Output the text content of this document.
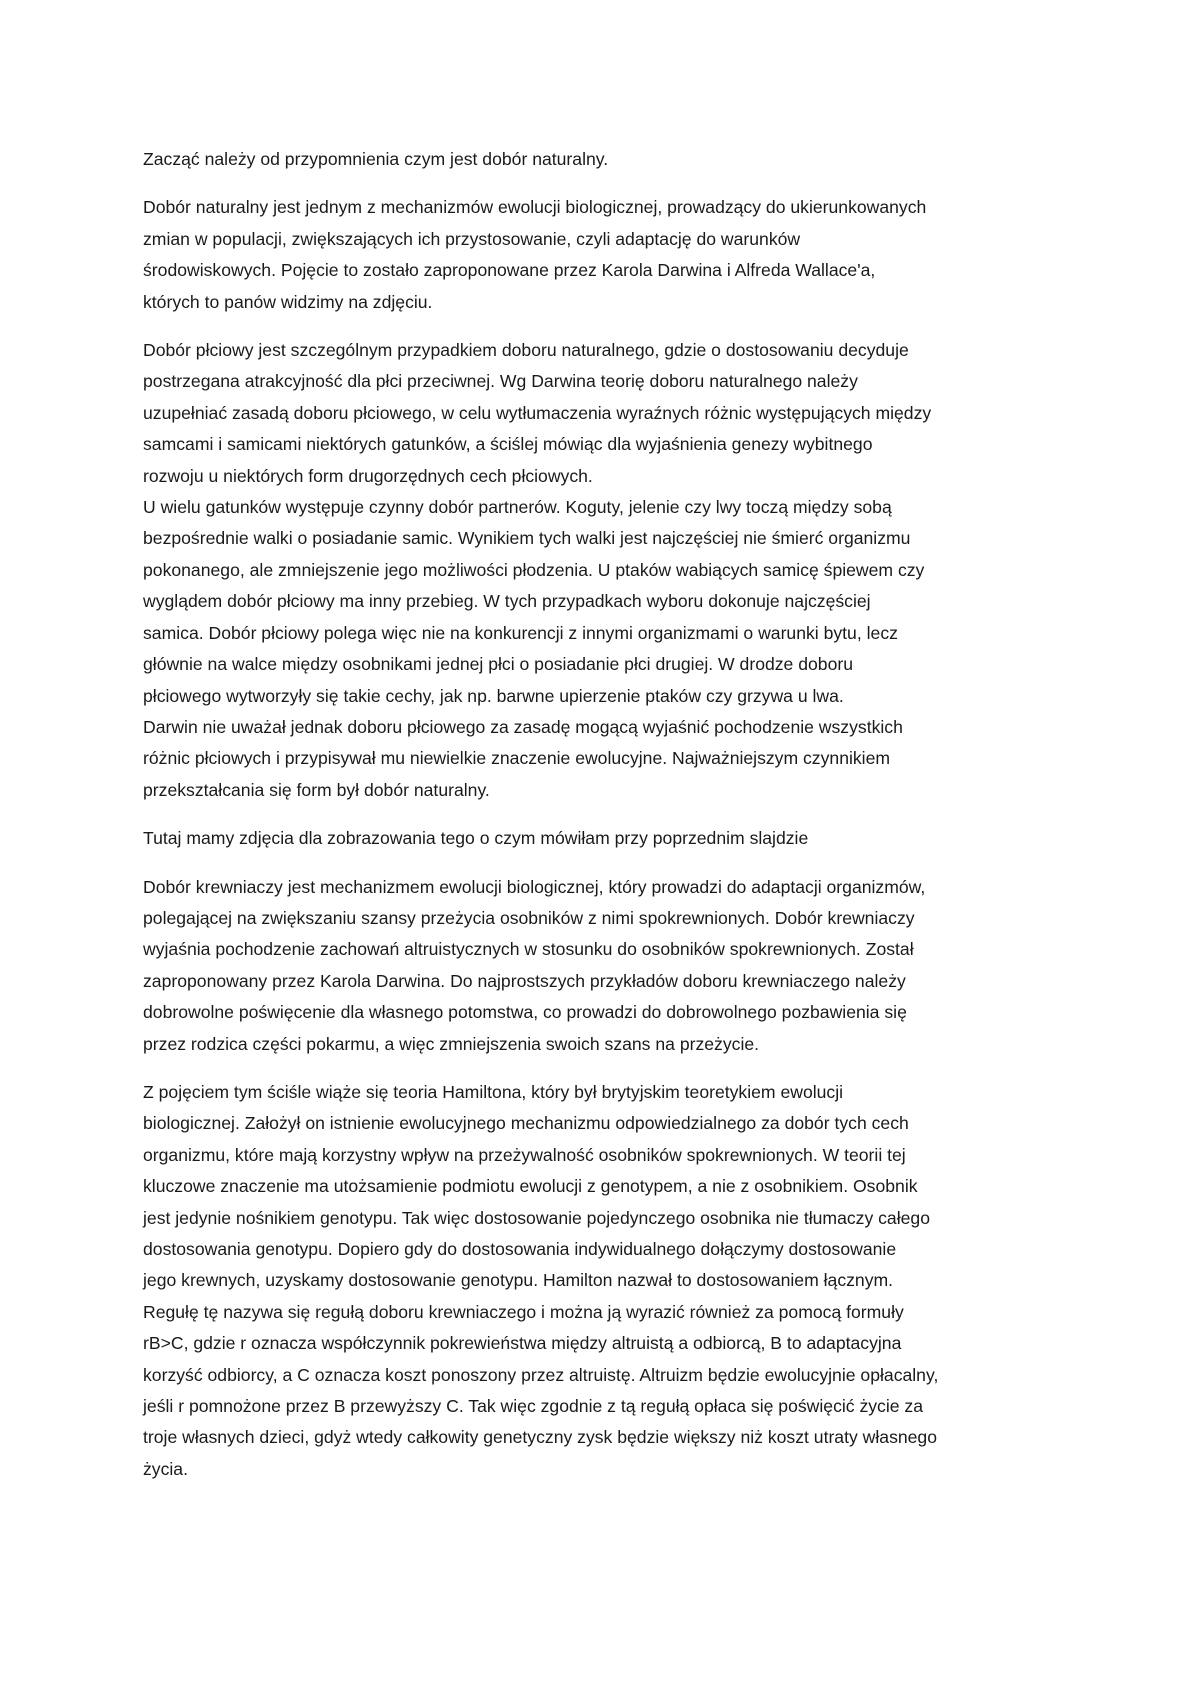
Zacząć należy od przypomnienia czym jest dobór naturalny.

Dobór naturalny jest jednym z mechanizmów ewolucji biologicznej, prowadzący do ukierunkowanych
zmian w populacji, zwiększających ich przystosowanie, czyli adaptację do warunków
środowiskowych. Pojęcie to zostało zaproponowane przez Karola Darwina i Alfreda Wallace'a,
których to panów widzimy na zdjęciu.

Dobór płciowy jest szczególnym przypadkiem doboru naturalnego, gdzie o dostosowaniu decyduje
postrzegana atrakcyjność dla płci przeciwnej. Wg Darwina teorię doboru naturalnego należy
uzupełniać zasadą doboru płciowego, w celu wytłumaczenia wyraźnych różnic występujących między
samcami i samicami niektórych gatunków, a ściślej mówiąc dla wyjaśnienia genezy wybitnego
rozwoju u niektórych form drugorzędnych cech płciowych.
U wielu gatunków występuje czynny dobór partnerów. Koguty, jelenie czy lwy toczą między sobą
bezpośrednie walki o posiadanie samic. Wynikiem tych walki jest najczęściej nie śmierć organizmu
pokonanego, ale zmniejszenie jego możliwości płodzenia. U ptaków wabiących samicę śpiewem czy
wyglądem dobór płciowy ma inny przebieg. W tych przypadkach wyboru dokonuje najczęściej
samica. Dobór płciowy polega więc nie na konkurencji z innymi organizmami o warunki bytu, lecz
głównie na walce między osobnikami jednej płci o posiadanie płci drugiej. W drodze doboru
płciowego wytworzyły się takie cechy, jak np. barwne upierzenie ptaków czy grzywa u lwa.
Darwin nie uważał jednak doboru płciowego za zasadę mogącą wyjaśnić pochodzenie wszystkich
różnic płciowych i przypisywał mu niewielkie znaczenie ewolucyjne. Najważniejszym czynnikiem
przekształcania się form był dobór naturalny.

Tutaj mamy zdjęcia dla zobrazowania tego o czym mówiłam przy poprzednim slajdzie

Dobór krewniaczy jest mechanizmem ewolucji biologicznej, który prowadzi do adaptacji organizmów,
polegającej na zwiększaniu szansy przeżycia osobników z nimi spokrewnionych. Dobór krewniaczy
wyjaśnia pochodzenie zachowań altruistycznych w stosunku do osobników spokrewnionych. Został
zaproponowany przez Karola Darwina. Do najprostszych przykładów doboru krewniaczego należy
dobrowolne poświęcenie dla własnego potomstwa, co prowadzi do dobrowolnego pozbawienia się
przez rodzica części pokarmu, a więc zmniejszenia swoich szans na przeżycie.

Z pojęciem tym ściśle wiąże się teoria Hamiltona, który był brytyjskim teoretykiem ewolucji
biologicznej. Założył on istnienie ewolucyjnego mechanizmu odpowiedzialnego za dobór tych cech
organizmu, które mają korzystny wpływ na przeżywalność osobników spokrewnionych. W teorii tej
kluczowe znaczenie ma utożsamienie podmiotu ewolucji z genotypem, a nie z osobnikiem. Osobnik
jest jedynie nośnikiem genotypu. Tak więc dostosowanie pojedynczego osobnika nie tłumaczy całego
dostosowania genotypu. Dopiero gdy do dostosowania indywidualnego dołączymy dostosowanie
jego krewnych, uzyskamy dostosowanie genotypu. Hamilton nazwał to dostosowaniem łącznym.
Regułę tę nazywa się regułą doboru krewniaczego i można ją wyrazić również za pomocą formuły
rB>C, gdzie r oznacza współczynnik pokrewieństwa między altruistą a odbiorcą, B to adaptacyjna
korzyść odbiorcy, a C oznacza koszt ponoszony przez altruistę. Altruizm będzie ewolucyjnie opłacalny,
jeśli r pomnożone przez B przewyższy C. Tak więc zgodnie z tą regułą opłaca się poświęcić życie za
troje własnych dzieci, gdyż wtedy całkowity genetyczny zysk będzie większy niż koszt utraty własnego
życia.
